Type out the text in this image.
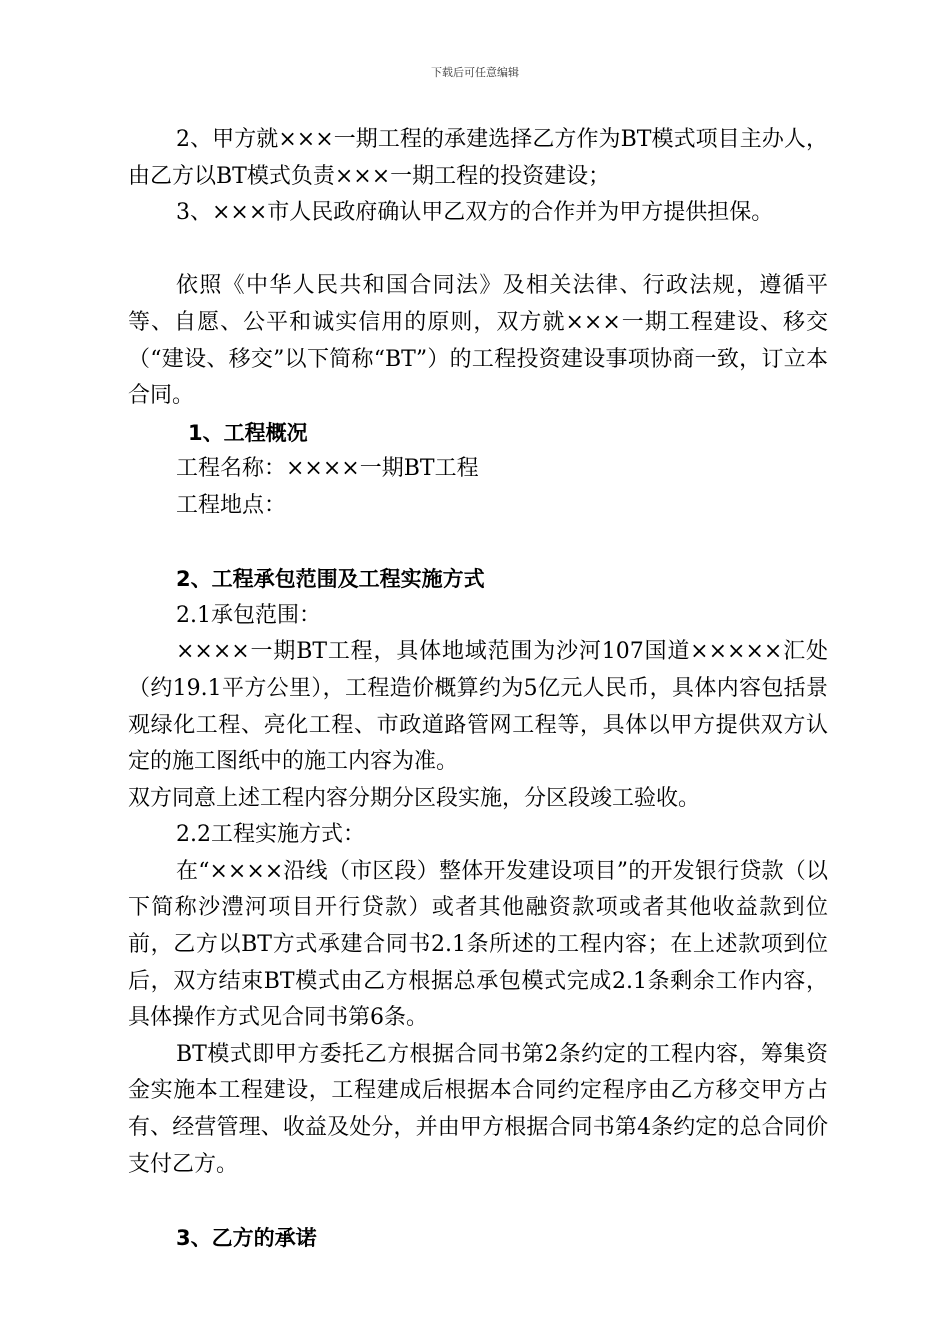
下载后可任意编辑

2、甲方就×××一期工程的承建选择乙方作为BT模式项目主办人，由乙方以BT模式负责×××一期工程的投资建设；

3、×××市人民政府确认甲乙双方的合作并为甲方提供担保。

依照《中华人民共和国合同法》及相关法律、行政法规，遵循平等、自愿、公平和诚实信用的原则，双方就×××一期工程建设、移交（“建设、移交”以下简称“BT”）的工程投资建设事项协商一致，订立本合同。

1、工程概况

工程名称：××××一期BT工程

工程地点：

2、工程承包范围及工程实施方式

2.1承包范围：

××××一期BT工程，具体地域范围为沙河107国道×××××汇处（约19.1平方公里），工程造价概算约为5亿元人民币，具体内容包括景观绿化工程、亮化工程、市政道路管网工程等，具体以甲方提供双方认定的施工图纸中的施工内容为准。

双方同意上述工程内容分期分区段实施，分区段竣工验收。

2.2工程实施方式：

在“××××沿线（市区段）整体开发建设项目”的开发银行贷款（以下简称沙澧河项目开行贷款）或者其他融资款项或者其他收益款到位前，乙方以BT方式承建合同书2.1条所述的工程内容；在上述款项到位后，双方结束BT模式由乙方根据总承包模式完成2.1条剩余工作内容，具体操作方式见合同书第6条。

BT模式即甲方委托乙方根据合同书第2条约定的工程内容，筹集资金实施本工程建设，工程建成后根据本合同约定程序由乙方移交甲方占有、经营管理、收益及处分，并由甲方根据合同书第4条约定的总合同价支付乙方。

3、乙方的承诺
